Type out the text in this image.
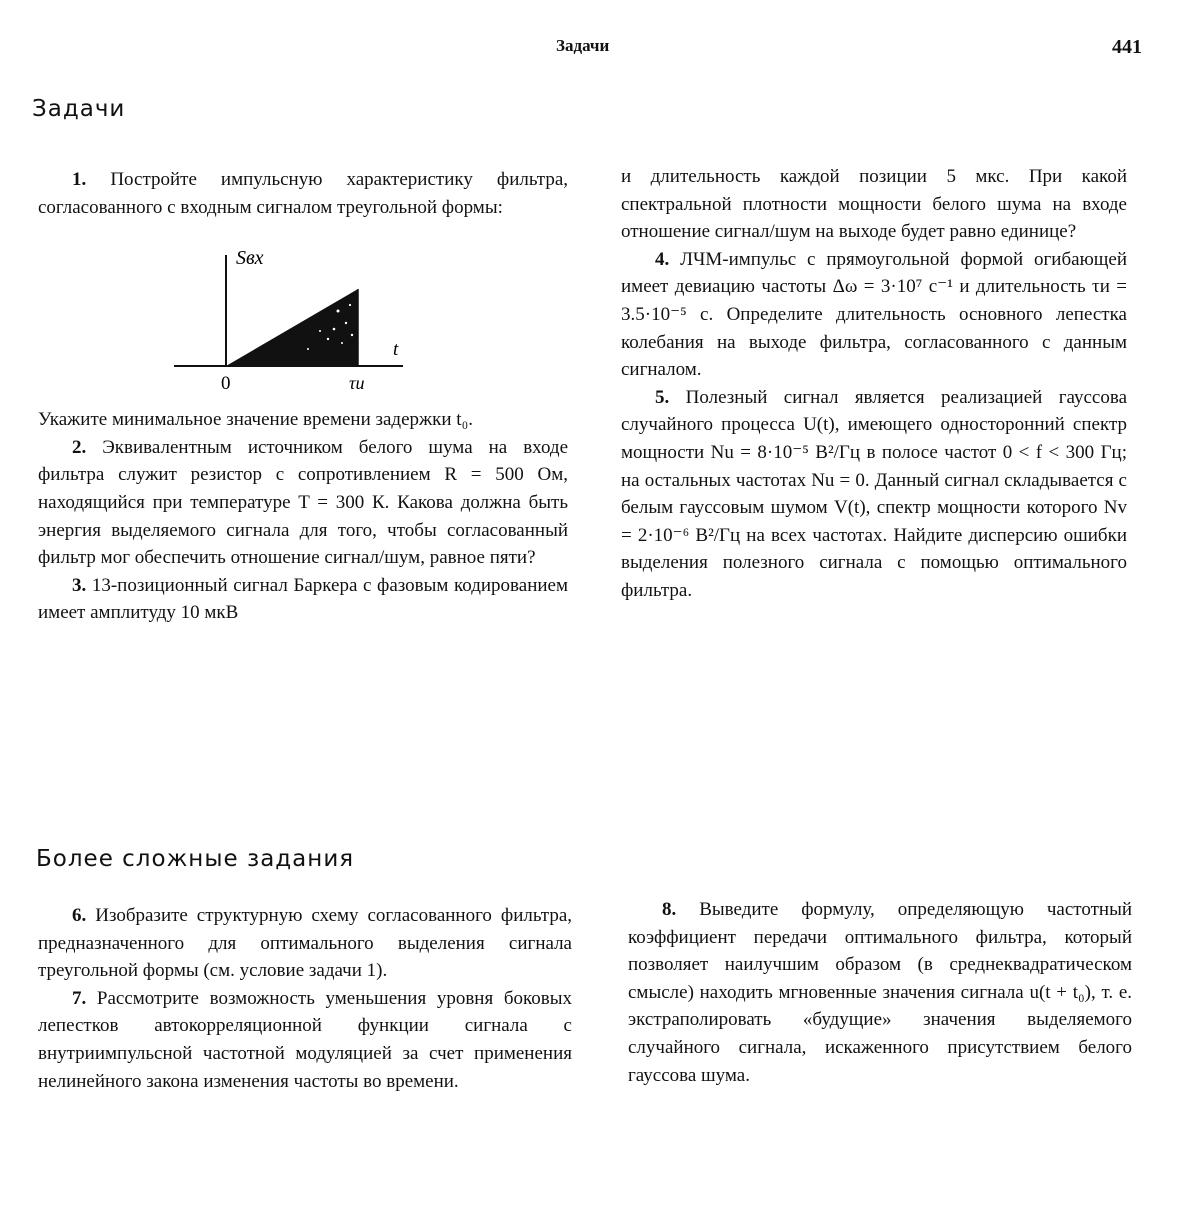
Задачи	441
Задачи

1. Постройте импульсную характеристику фильтра, согласованного с входным сигналом треугольной формы:

Sвх
t
0	τи

Укажите минимальное значение времени задержки t₀.

2. Эквивалентным источником белого шума на входе фильтра служит резистор с сопротивлением R = 500 Ом, находящийся при температуре T = 300 К. Какова должна быть энергия выделяемого сигнала для того, чтобы согласованный фильтр мог обеспечить отношение сигнал/шум, равное пяти?

3. 13-позиционный сигнал Баркера с фазовым кодированием имеет амплитуду 10 мкВ

и длительность каждой позиции 5 мкс. При какой спектральной плотности мощности белого шума на входе отношение сигнал/шум на выходе будет равно единице?

4. ЛЧМ-импульс с прямоугольной формой огибающей имеет девиацию частоты Δω = 3·10⁷ с⁻¹ и длительность τи = 3.5·10⁻⁵ с. Определите длительность основного лепестка колебания на выходе фильтра, согласованного с данным сигналом.

5. Полезный сигнал является реализацией гауссова случайного процесса U(t), имеющего односторонний спектр мощности Nu = 8·10⁻⁵ В²/Гц в полосе частот 0 < f < 300 Гц; на остальных частотах Nu = 0. Данный сигнал складывается с белым гауссовым шумом V(t), спектр мощности которого Nv = 2·10⁻⁶ В²/Гц на всех частотах. Найдите дисперсию ошибки выделения полезного сигнала с помощью оптимального фильтра.

Более сложные задания

6. Изобразите структурную схему согласованного фильтра, предназначенного для оптимального выделения сигнала треугольной формы (см. условие задачи 1).

7. Рассмотрите возможность уменьшения уровня боковых лепестков автокорреляционной функции сигнала с внутриимпульсной частотной модуляцией за счет применения нелинейного закона изменения частоты во времени.

8. Выведите формулу, определяющую частотный коэффициент передачи оптимального фильтра, который позволяет наилучшим образом (в среднеквадратическом смысле) находить мгновенные значения сигнала u(t + t₀), т. е. экстраполировать «будущие» значения выделяемого случайного сигнала, искаженного присутствием белого гауссова шума.
